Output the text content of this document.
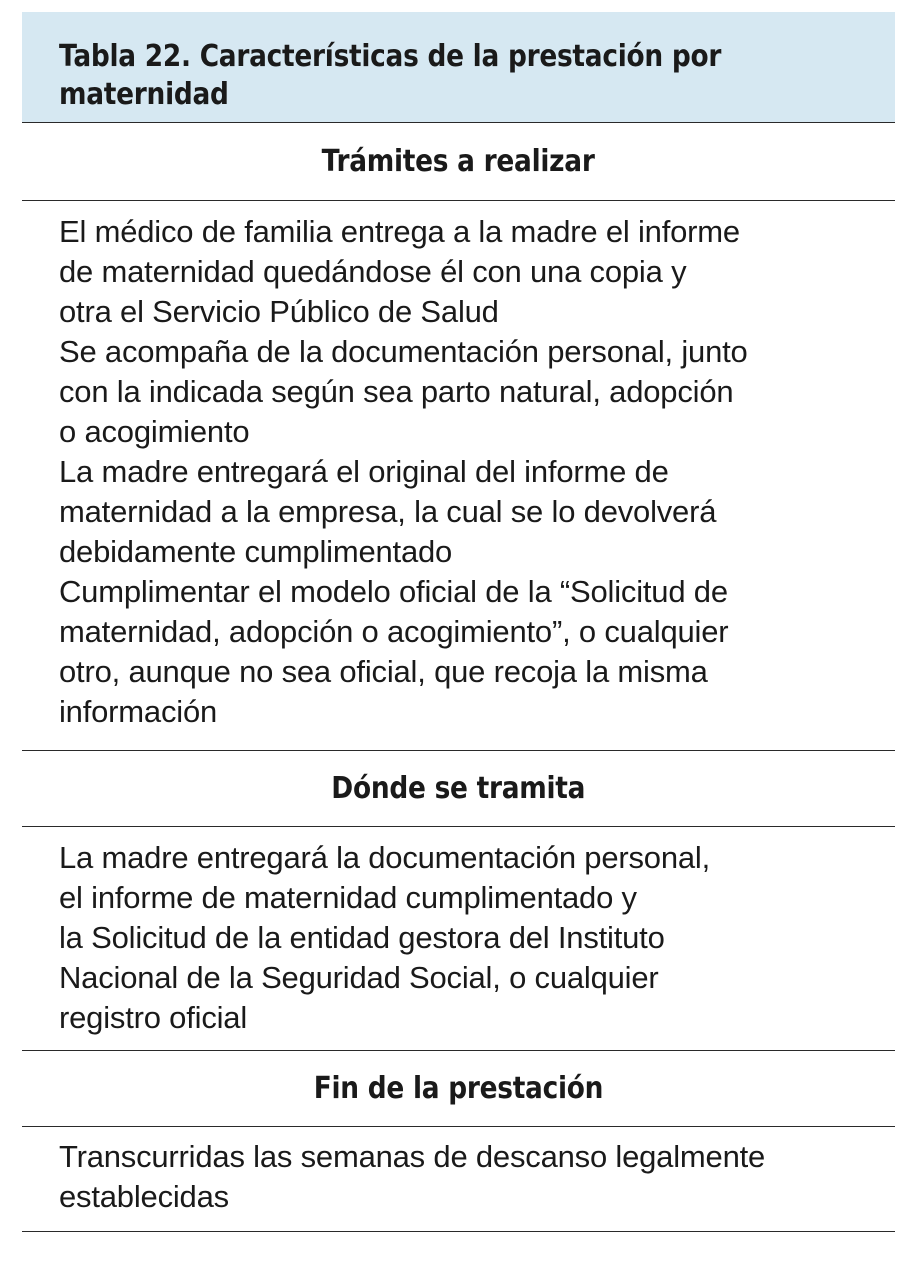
Tabla 22. Características de la prestación por
maternidad
Trámites a realizar
El médico de familia entrega a la madre el informe
de maternidad quedándose él con una copia y
otra el Servicio Público de Salud
Se acompaña de la documentación personal, junto
con la indicada según sea parto natural, adopción
o acogimiento
La madre entregará el original del informe de
maternidad a la empresa, la cual se lo devolverá
debidamente cumplimentado
Cumplimentar el modelo oficial de la “Solicitud de
maternidad, adopción o acogimiento”, o cualquier
otro, aunque no sea oficial, que recoja la misma
información
Dónde se tramita
La madre entregará la documentación personal,
el informe de maternidad cumplimentado y
la Solicitud de la entidad gestora del Instituto
Nacional de la Seguridad Social, o cualquier
registro oficial
Fin de la prestación
Transcurridas las semanas de descanso legalmente
establecidas
